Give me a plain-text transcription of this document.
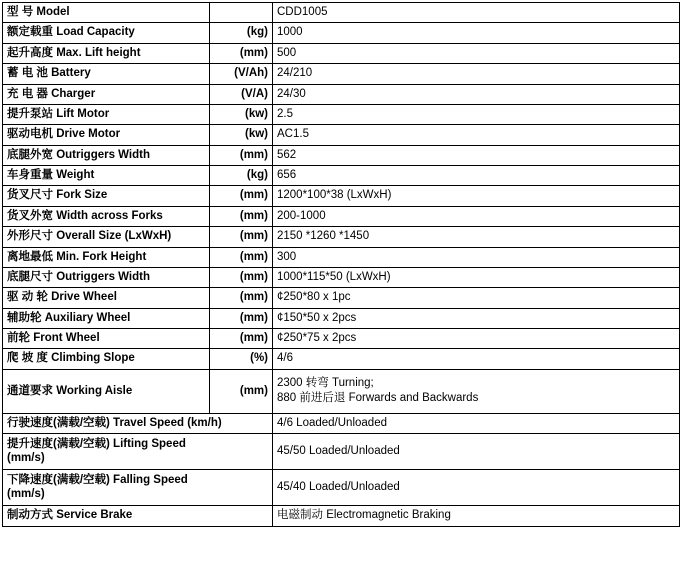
型 号 Model		CDD1005
额定载重 Load Capacity	(kg)	1000
起升高度 Max. Lift height	(mm)	500
蓄 电 池 Battery	(V/Ah)	24/210
充 电 器 Charger	(V/A)	24/30
提升泵站 Lift Motor	(kw)	2.5
驱动电机 Drive Motor	(kw)	AC1.5
底腿外宽 Outriggers Width	(mm)	562
车身重量 Weight	(kg)	656
货叉尺寸 Fork Size	(mm)	1200*100*38 (LxWxH)
货叉外宽 Width across Forks	(mm)	200-1000
外形尺寸 Overall Size (LxWxH)	(mm)	2150 *1260 *1450
离地最低 Min. Fork Height	(mm)	300
底腿尺寸 Outriggers Width	(mm)	1000*115*50 (LxWxH)
驱 动 轮 Drive Wheel	(mm)	¢250*80 x 1pc
辅助轮 Auxiliary Wheel	(mm)	¢150*50 x 2pcs
前轮 Front Wheel	(mm)	¢250*75 x 2pcs
爬 坡 度 Climbing Slope	(%)	4/6
通道要求 Working Aisle	(mm)	2300 转弯 Turning;
880 前进后退 Forwards and Backwards
行驶速度(满载/空载) Travel Speed (km/h)		4/6 Loaded/Unloaded
提升速度(满载/空载) Lifting Speed
(mm/s)		45/50 Loaded/Unloaded
下降速度(满载/空载) Falling Speed
(mm/s)		45/40 Loaded/Unloaded
制动方式 Service Brake		电磁制动 Electromagnetic Braking
